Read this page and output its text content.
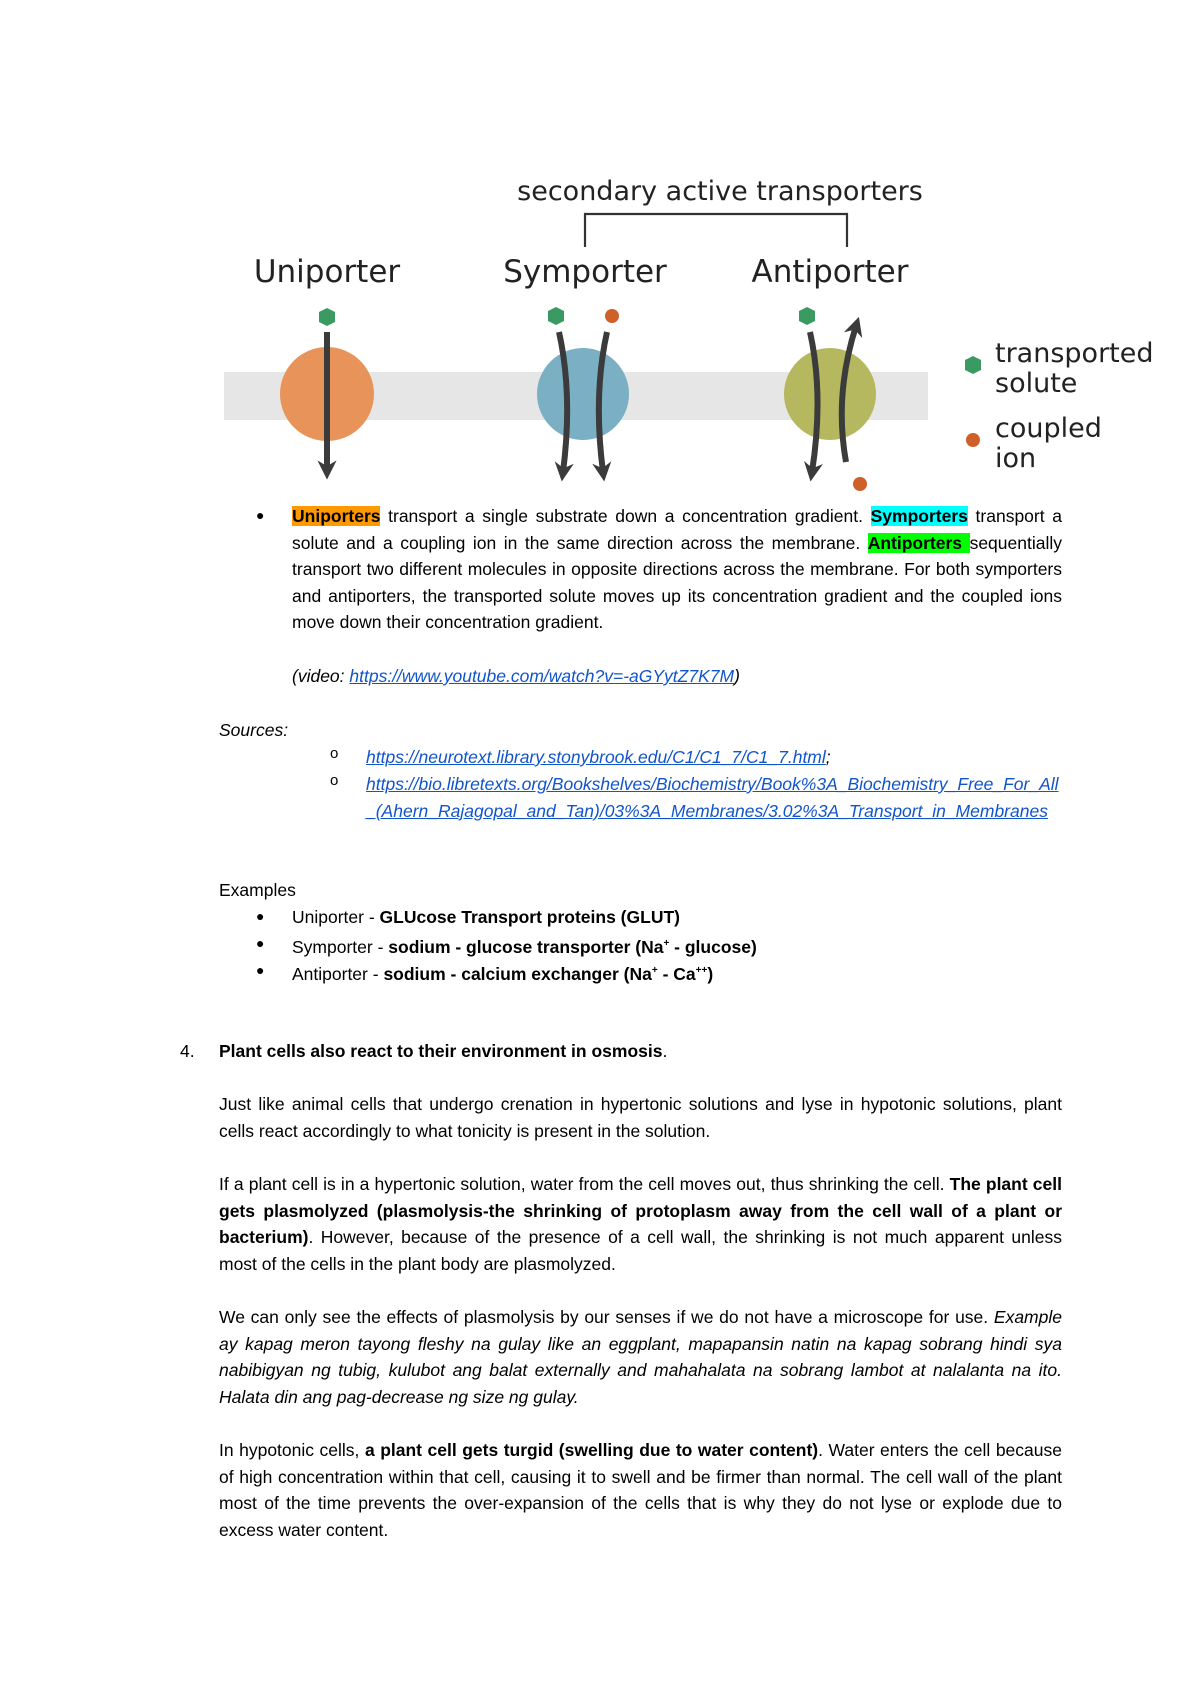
secondary active transporters
Uniporter	Symporter	Antiporter
transported
solute
coupled
ion
● Uniporters transport a single substrate down a concentration gradient. Symporters transport a solute and a coupling ion in the same direction across the membrane. Antiporters sequentially transport two different molecules in opposite directions across the membrane. For both symporters and antiporters, the transported solute moves up its concentration gradient and the coupled ions move down their concentration gradient.
(video: https://www.youtube.com/watch?v=-aGYytZ7K7M)
Sources:
o https://neurotext.library.stonybrook.edu/C1/C1_7/C1_7.html;
o https://bio.libretexts.org/Bookshelves/Biochemistry/Book%3A_Biochemistry_Free_For_All_(Ahern_Rajagopal_and_Tan)/03%3A_Membranes/3.02%3A_Transport_in_Membranes
Examples
● Uniporter - GLUcose Transport proteins (GLUT)
● Symporter - sodium - glucose transporter (Na+ - glucose)
● Antiporter - sodium - calcium exchanger (Na+ - Ca++)
4. Plant cells also react to their environment in osmosis.
Just like animal cells that undergo crenation in hypertonic solutions and lyse in hypotonic solutions, plant cells react accordingly to what tonicity is present in the solution.
If a plant cell is in a hypertonic solution, water from the cell moves out, thus shrinking the cell. The plant cell gets plasmolyzed (plasmolysis-the shrinking of protoplasm away from the cell wall of a plant or bacterium). However, because of the presence of a cell wall, the shrinking is not much apparent unless most of the cells in the plant body are plasmolyzed.
We can only see the effects of plasmolysis by our senses if we do not have a microscope for use. Example ay kapag meron tayong fleshy na gulay like an eggplant, mapapansin natin na kapag sobrang hindi sya nabibigyan ng tubig, kulubot ang balat externally and mahahalata na sobrang lambot at nalalanta na ito. Halata din ang pag-decrease ng size ng gulay.
In hypotonic cells, a plant cell gets turgid (swelling due to water content). Water enters the cell because of high concentration within that cell, causing it to swell and be firmer than normal. The cell wall of the plant most of the time prevents the over-expansion of the cells that is why they do not lyse or explode due to excess water content.
